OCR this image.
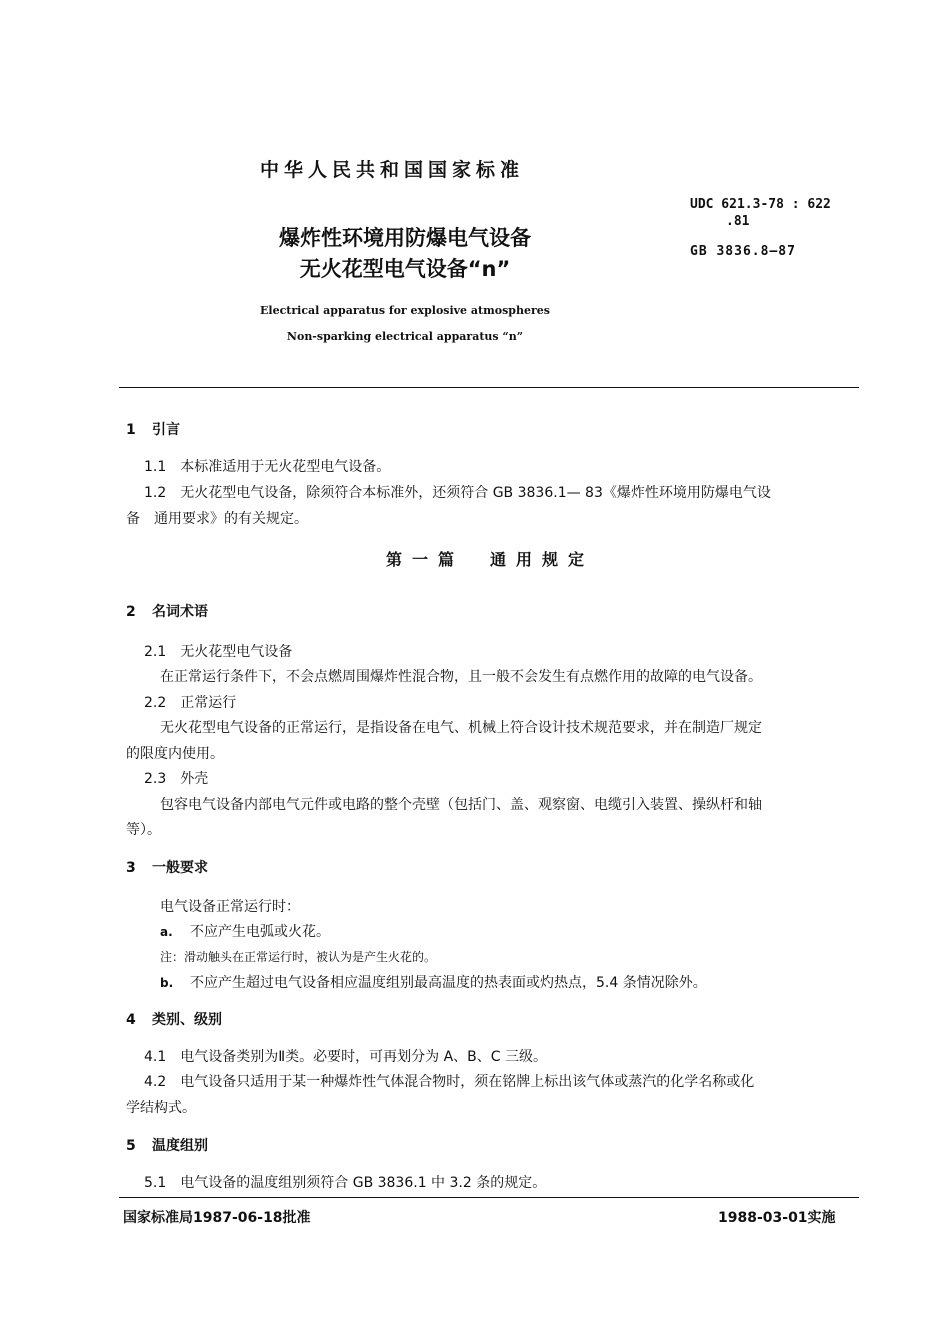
中华人民共和国国家标准
UDC 621.3-78 : 622
.81
GB 3836.8—87
爆炸性环境用防爆电气设备
无火花型电气设备“n”
Electrical apparatus for explosive atmospheres
Non-sparking electrical apparatus “n”
1 引言
1.1　本标准适用于无火花型电气设备。
1.2　无火花型电气设备，除须符合本标准外，还须符合 GB 3836.1— 83《爆炸性环境用防爆电气设
备　通用要求》的有关规定。
第一篇　通用规定
2 名词术语
2.1　无火花型电气设备
在正常运行条件下，不会点燃周围爆炸性混合物，且一般不会发生有点燃作用的故障的电气设备。
2.2　正常运行
无火花型电气设备的正常运行，是指设备在电气、机械上符合设计技术规范要求，并在制造厂规定
的限度内使用。
2.3　外壳
包容电气设备内部电气元件或电路的整个壳壁（包括门、盖、观察窗、电缆引入装置、操纵杆和轴
等）。
3 一般要求
电气设备正常运行时：
a. 不应产生电弧或火花。
注：滑动触头在正常运行时，被认为是产生火花的。
b. 不应产生超过电气设备相应温度组别最高温度的热表面或灼热点，5.4 条情况除外。
4 类别、级别
4.1　电气设备类别为Ⅱ类。必要时，可再划分为 A、B、C 三级。
4.2　电气设备只适用于某一种爆炸性气体混合物时，须在铭牌上标出该气体或蒸汽的化学名称或化
学结构式。
5 温度组别
5.1　电气设备的温度组别须符合 GB 3836.1 中 3.2 条的规定。
国家标准局1987-06-18批准	1988-03-01实施
